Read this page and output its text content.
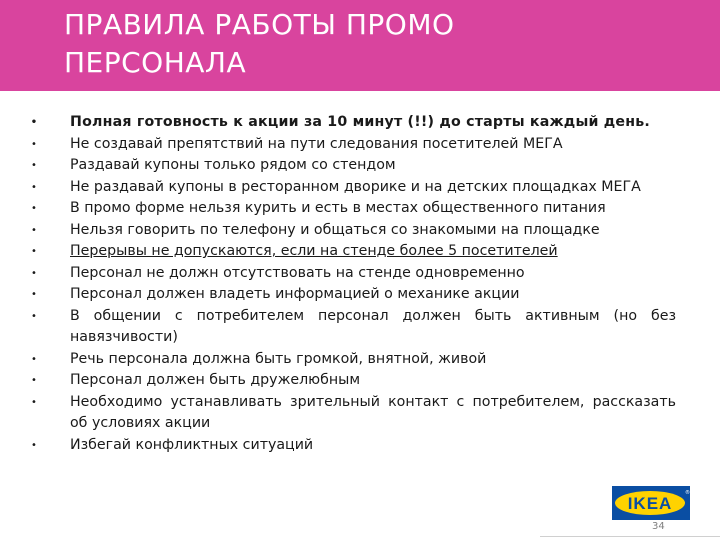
ПРАВИЛА РАБОТЫ ПРОМО
ПЕРСОНАЛА
• Полная готовность к акции за 10 минут (!!) до старты каждый день.
• Не создавай препятствий на пути следования посетителей МЕГА
• Раздавай купоны только рядом со стендом
• Не раздавай купоны в ресторанном дворике и на детских площадках МЕГА
• В промо форме нельзя курить и есть в местах общественного питания
• Нельзя говорить по телефону и общаться со знакомыми на площадке
• Перерывы не допускаются, если на стенде более 5 посетителей
• Персонал не должн отсутствовать на стенде одновременно
• Персонал должен владеть информацией о механике акции
• В общении с потребителем персонал должен быть активным (но без навязчивости)
• Речь персонала должна быть громкой, внятной, живой
• Персонал должен быть дружелюбным
• Необходимо устанавливать зрительный контакт с потребителем, рассказать об условиях акции
• Избегай конфликтных ситуаций
IKEA
®
34
